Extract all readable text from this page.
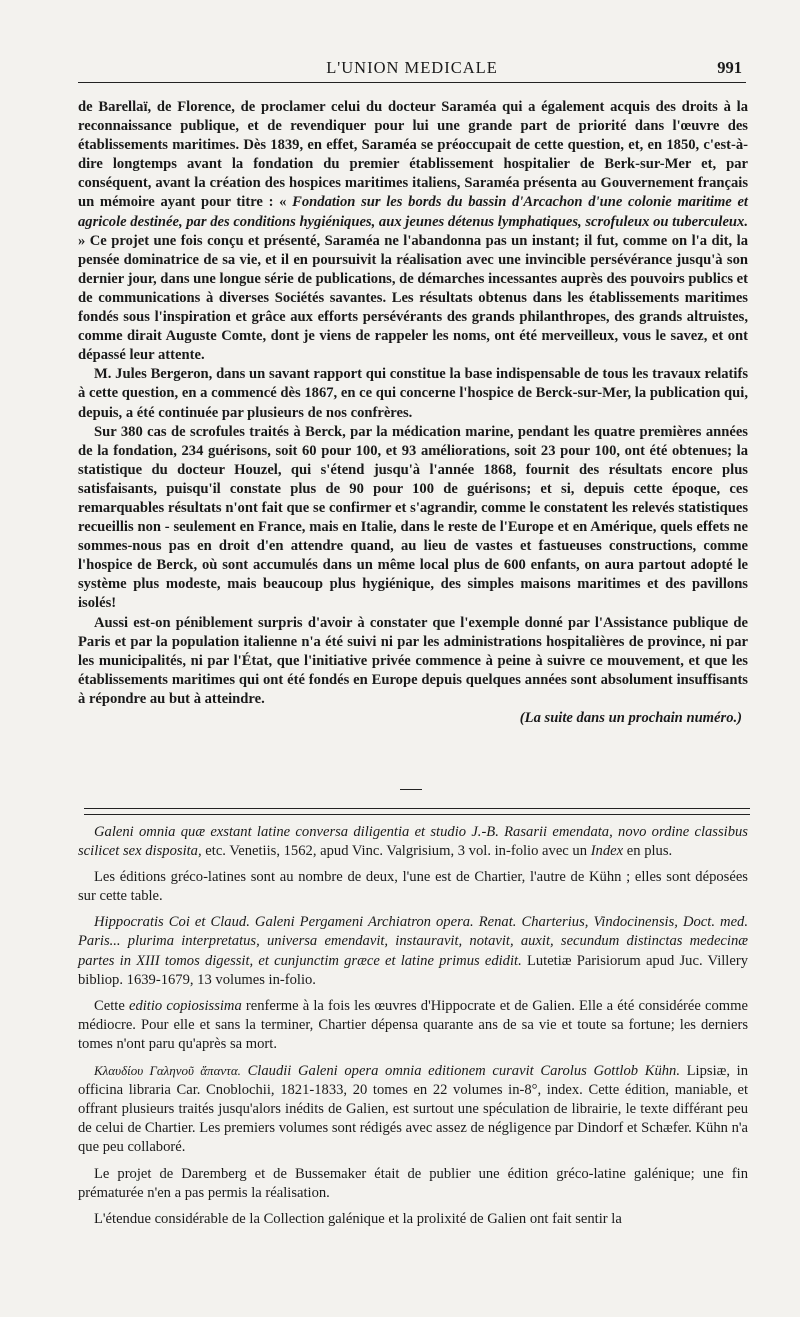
L'UNION MEDICALE	991

de Barellaï, de Florence, de proclamer celui du docteur Saraméa qui a également acquis des droits à la reconnaissance publique, et de revendiquer pour lui une grande part de priorité dans l'œuvre des établissements maritimes. Dès 1839, en effet, Saraméa se préoccupait de cette question, et, en 1850, c'est-à-dire longtemps avant la fondation du premier établissement hospitalier de Berk-sur-Mer et, par conséquent, avant la création des hospices maritimes italiens, Saraméa présenta au Gouvernement français un mémoire ayant pour titre : « Fondation sur les bords du bassin d'Arcachon d'une colonie maritime et agricole destinée, par des conditions hygiéniques, aux jeunes détenus lymphatiques, scrofuleux ou tuberculeux. » Ce projet une fois conçu et présenté, Saraméa ne l'abandonna pas un instant; il fut, comme on l'a dit, la pensée dominatrice de sa vie, et il en poursuivit la réalisation avec une invincible persévérance jusqu'à son dernier jour, dans une longue série de publications, de démarches incessantes auprès des pouvoirs publics et de communications à diverses Sociétés savantes. Les résultats obtenus dans les établissements maritimes fondés sous l'inspiration et grâce aux efforts persévérants des grands philanthropes, des grands altruistes, comme dirait Auguste Comte, dont je viens de rappeler les noms, ont été merveilleux, vous le savez, et ont dépassé leur attente.

M. Jules Bergeron, dans un savant rapport qui constitue la base indispensable de tous les travaux relatifs à cette question, en a commencé dès 1867, en ce qui concerne l'hospice de Berck-sur-Mer, la publication qui, depuis, a été continuée par plusieurs de nos confrères.

Sur 380 cas de scrofules traités à Berck, par la médication marine, pendant les quatre premières années de la fondation, 234 guérisons, soit 60 pour 100, et 93 améliorations, soit 23 pour 100, ont été obtenues; la statistique du docteur Houzel, qui s'étend jusqu'à l'année 1868, fournit des résultats encore plus satisfaisants, puisqu'il constate plus de 90 pour 100 de guérisons; et si, depuis cette époque, ces remarquables résultats n'ont fait que se confirmer et s'agrandir, comme le constatent les relevés statistiques recueillis non - seulement en France, mais en Italie, dans le reste de l'Europe et en Amérique, quels effets ne sommes-nous pas en droit d'en attendre quand, au lieu de vastes et fastueuses constructions, comme l'hospice de Berck, où sont accumulés dans un même local plus de 600 enfants, on aura partout adopté le système plus modeste, mais beaucoup plus hygiénique, des simples maisons maritimes et des pavillons isolés!

Aussi est-on péniblement surpris d'avoir à constater que l'exemple donné par l'Assistance publique de Paris et par la population italienne n'a été suivi ni par les administrations hospitalières de province, ni par les municipalités, ni par l'État, que l'initiative privée commence à peine à suivre ce mouvement, et que les établissements maritimes qui ont été fondés en Europe depuis quelques années sont absolument insuffisants à répondre au but à atteindre.

(La suite dans un prochain numéro.)

Galeni omnia quæ exstant latine conversa diligentia et studio J.-B. Rasarii emendata, novo ordine classibus scilicet sex disposita, etc. Venetiis, 1562, apud Vinc. Valgrisium, 3 vol. in-folio avec un Index en plus.

Les éditions gréco-latines sont au nombre de deux, l'une est de Chartier, l'autre de Kühn ; elles sont déposées sur cette table.

Hippocratis Coi et Claud. Galeni Pergameni Archiatron opera. Renat. Charterius, Vindocinensis, Doct. med. Paris... plurima interpretatus, universa emendavit, instauravit, notavit, auxit, secundum distinctas medecinæ partes in XIII tomos digessit, et cunjunctim græce et latine primus edidit. Lutetiæ Parisiorum apud Juc. Villery bibliop. 1639-1679, 13 volumes in-folio.

Cette editio copiosissima renferme à la fois les œuvres d'Hippocrate et de Galien. Elle a été considérée comme médiocre. Pour elle et sans la terminer, Chartier dépensa quarante ans de sa vie et toute sa fortune; les derniers tomes n'ont paru qu'après sa mort.

Κλαυδίου Γαληνοῦ ἅπαντα. Claudii Galeni opera omnia editionem curavit Carolus Gottlob Kühn. Lipsiæ, in officina libraria Car. Cnoblochii, 1821-1833, 20 tomes en 22 volumes in-8°, index. Cette édition, maniable, et offrant plusieurs traités jusqu'alors inédits de Galien, est surtout une spéculation de librairie, le texte différant peu de celui de Chartier. Les premiers volumes sont rédigés avec assez de négligence par Dindorf et Schæfer. Kühn n'a que peu collaboré.

Le projet de Daremberg et de Bussemaker était de publier une édition gréco-latine galénique; une fin prématurée n'en a pas permis la réalisation.

L'étendue considérable de la Collection galénique et la prolixité de Galien ont fait sentir la
